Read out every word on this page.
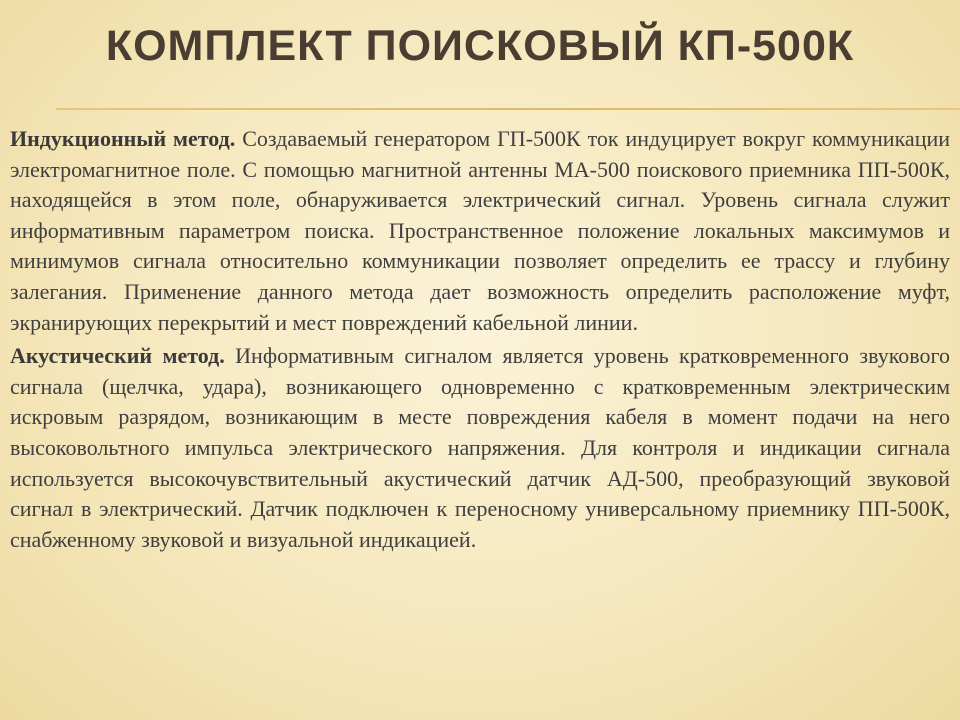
КОМПЛЕКТ ПОИСКОВЫЙ КП-500К

Индукционный метод. Создаваемый генератором ГП-500К ток индуцирует вокруг коммуникации электромагнитное поле. С помощью магнитной антенны МА-500 поискового приемника ПП-500К, находящейся в этом поле, обнаруживается электрический сигнал. Уровень сигнала служит информативным параметром поиска. Пространственное положение локальных максимумов и минимумов сигнала относительно коммуникации позволяет определить ее трассу и глубину залегания. Применение данного метода дает возможность определить расположение муфт, экранирующих перекрытий и мест повреждений кабельной линии.

Акустический метод. Информативным сигналом является уровень кратковременного звукового сигнала (щелчка, удара), возникающего одновременно с кратковременным электрическим искровым разрядом, возникающим в месте повреждения кабеля в момент подачи на него высоковольтного импульса электрического напряжения. Для контроля и индикации сигнала используется высокочувствительный акустический датчик АД-500, преобразующий звуковой сигнал в электрический. Датчик подключен к переносному универсальному приемнику ПП-500К, снабженному звуковой и визуальной индикацией.
